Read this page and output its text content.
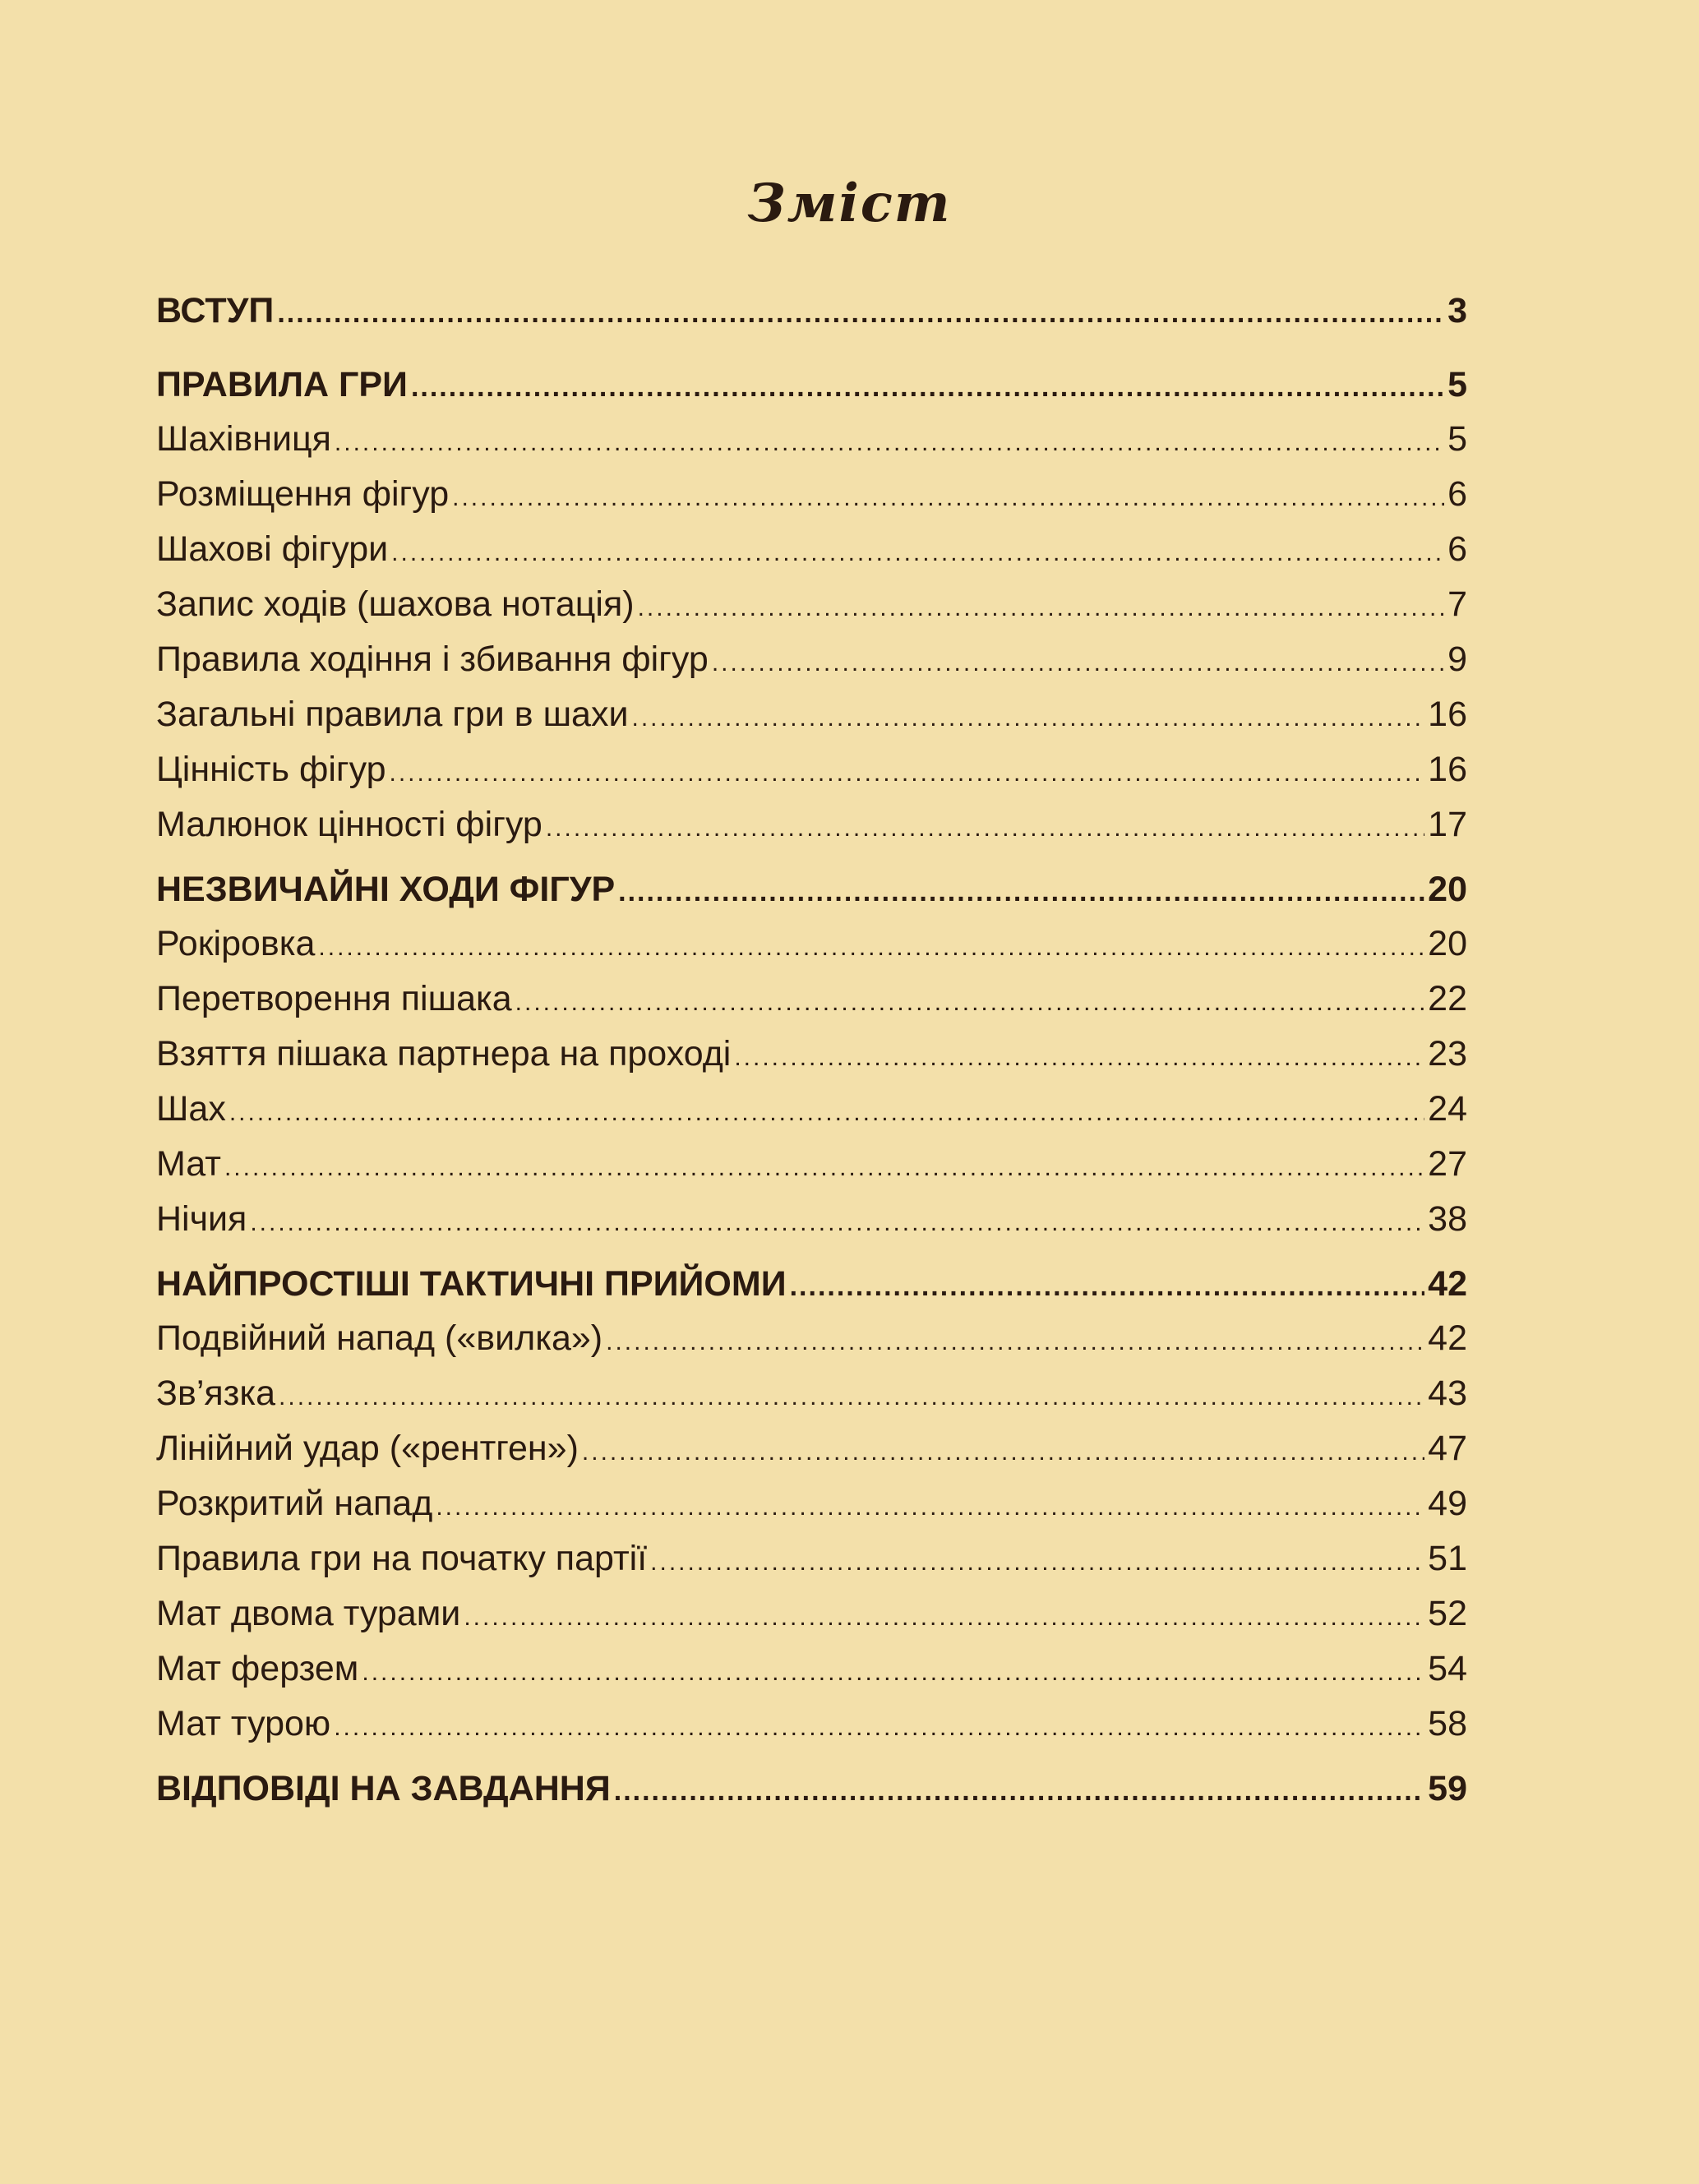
Зміст
ВСТУП .....	3
ПРАВИЛА ГРИ .....	5
Шахівниця .....	5
Розміщення фігур .....	6
Шахові фігури .....	6
Запис ходів (шахова нотація) .....	7
Правила ходіння і збивання фігур .....	9
Загальні правила гри в шахи .....	16
Цінність фігур .....	16
Малюнок цінності фігур .....	17
НЕЗВИЧАЙНІ ХОДИ ФІГУР .....	20
Рокіровка .....	20
Перетворення пішака .....	22
Взяття пішака партнера на проході .....	23
Шах .....	24
Мат .....	27
Нічия .....	38
НАЙПРОСТІШІ ТАКТИЧНІ ПРИЙОМИ .....	42
Подвійний напад («вилка») .....	42
Зв’язка .....	43
Лінійний удар («рентген») .....	47
Розкритий напад .....	49
Правила гри на початку партії .....	51
Мат двома турами .....	52
Мат ферзем .....	54
Мат турою .....	58
ВІДПОВІДІ НА ЗАВДАННЯ .....	59
